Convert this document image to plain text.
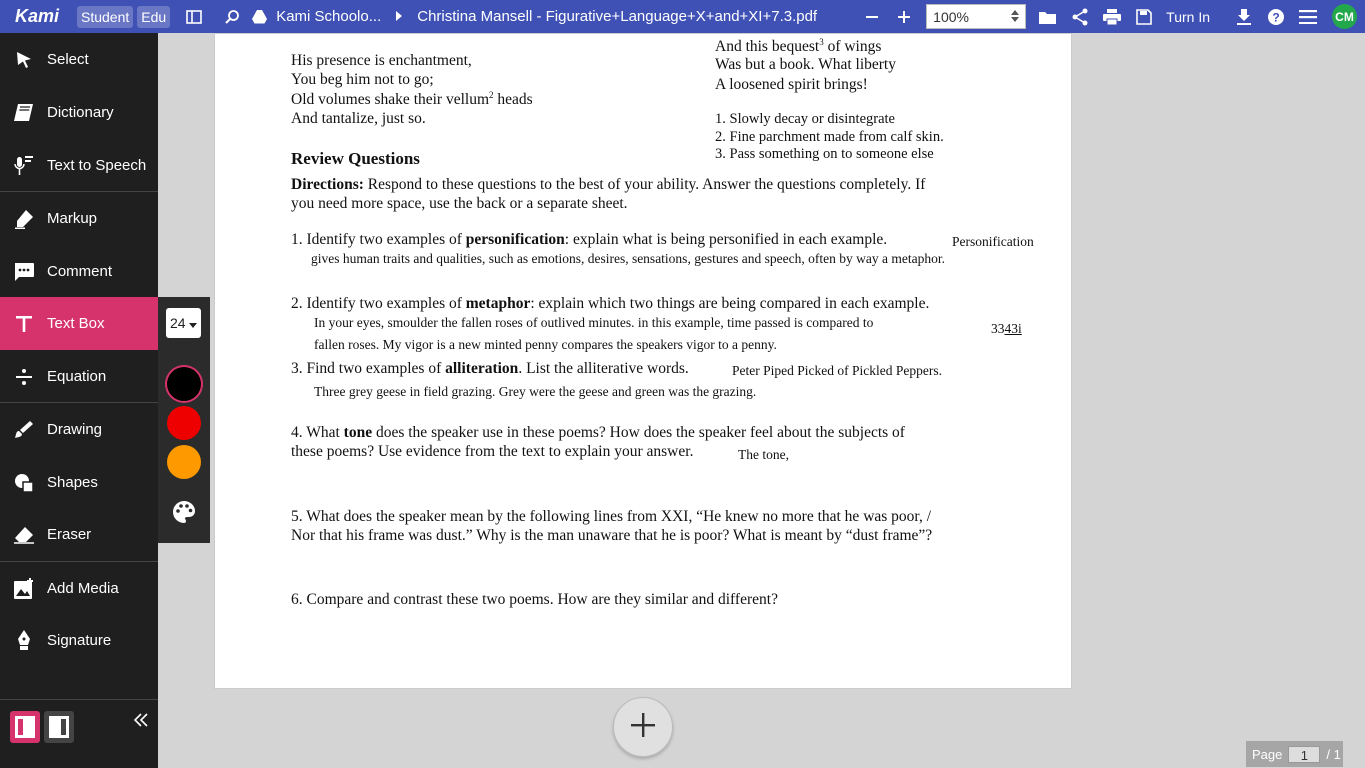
Kami	Student Edu	Kami Schoolo... Christina Mansell - Figurative+Language+X+and+XI+7.3.pdf	100%	Turn In	?	CM
Select
Dictionary
Text to Speech
Markup
Comment
Text Box
Equation
Drawing
Shapes
Eraser
Add Media
Signature
24
His presence is enchantment,
You beg him not to go;
Old volumes shake their vellum$^2$ heads
And tantalize, just so.
And this bequest$^3$ of wings
Was but a book. What liberty
A loosened spirit brings!
1. Slowly decay or disintegrate
2. Fine parchment made from calf skin.
3. Pass something on to someone else
Review Questions
Directions: Respond to these questions to the best of your ability. Answer the questions completely. If
you need more space, use the back or a separate sheet.
1. Identify two examples of personification: explain what is being personified in each example.	Personification
gives human traits and qualities, such as emotions, desires, sensations, gestures and speech, often by way a metaphor.
2. Identify two examples of metaphor: explain which two things are being compared in each example.
In your eyes, smoulder the fallen roses of outlived minutes. in this example, time passed is compared to
fallen roses. My vigor is a new minted penny compares the speakers vigor to a penny.
3343i
3. Find two examples of alliteration. List the alliterative words.	Peter Piped Picked of Pickled Peppers.
Three grey geese in field grazing. Grey were the geese and green was the grazing.
4. What tone does the speaker use in these poems? How does the speaker feel about the subjects of
these poems? Use evidence from the text to explain your answer.	The tone,
5. What does the speaker mean by the following lines from XXI, “He knew no more that he was poor, /
Nor that his frame was dust.” Why is the man unaware that he is poor? What is meant by “dust frame”?
6. Compare and contrast these two poems. How are they similar and different?
Page	1	/ 1
